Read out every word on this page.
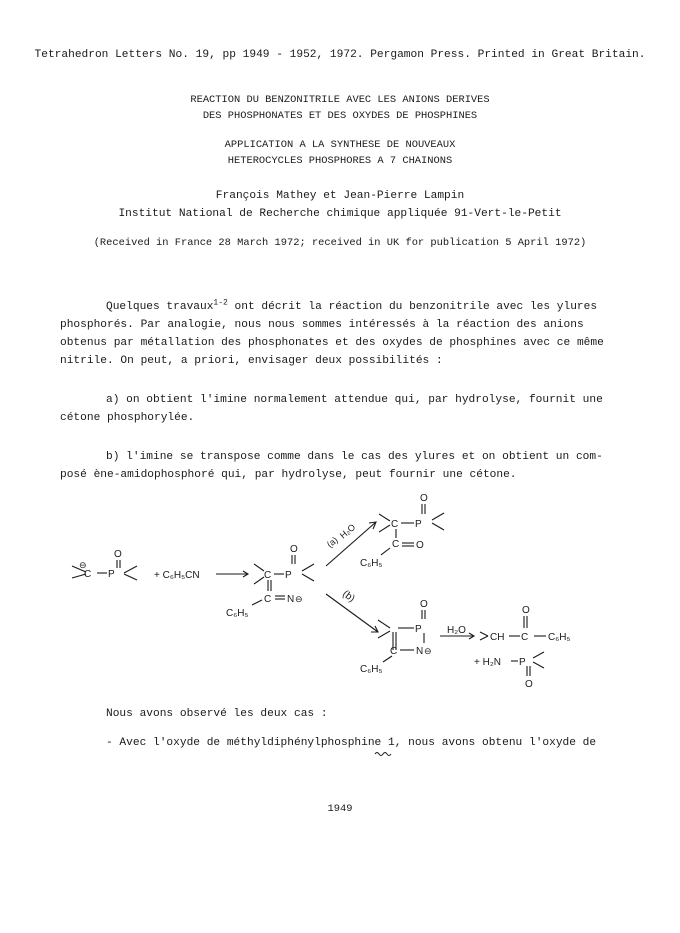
Tetrahedron Letters No. 19, pp 1949 - 1952, 1972. Pergamon Press. Printed in Great Britain.
REACTION DU BENZONITRILE AVEC LES ANIONS DERIVES
DES PHOSPHONATES ET DES OXYDES DE PHOSPHINES
APPLICATION A LA SYNTHESE DE NOUVEAUX
HETEROCYCLES PHOSPHORES A 7 CHAINONS
François Mathey et Jean-Pierre Lampin
Institut National de Recherche chimique appliquée 91-Vert-le-Petit
(Received in France 28 March 1972; received in UK for publication 5 April 1972)
Quelques travaux$^{1-2}$ ont décrit la réaction du benzonitrile avec les ylures
phosphorés. Par analogie, nous nous sommes intéressés à la réaction des anions
obtenus par métallation des phosphonates et des oxydes de phosphines avec ce même
nitrile. On peut, a priori, envisager deux possibilités :
a) on obtient l'imine normalement attendue qui, par hydrolyse, fournit une
cétone phosphorylée.
b) l'imine se transpose comme dans le cas des ylures et on obtient un com-
posé ène-amidophosphoré qui, par hydrolyse, peut fournir une cétone.
C
⊖
P
O
+ C₆H₅CN	C P
O
C N ⊖
C₆H₅
(a)
H₂O
(b)
C P
O
C O
C₆H₅
P
O
C N ⊖
C₆H₅
H₂O
CH C
O
C₆H₅
+ H₂N P
O
Nous avons observé les deux cas :
- Avec l'oxyde de méthyldiphénylphosphine 1, nous avons obtenu l'oxyde de
1949
